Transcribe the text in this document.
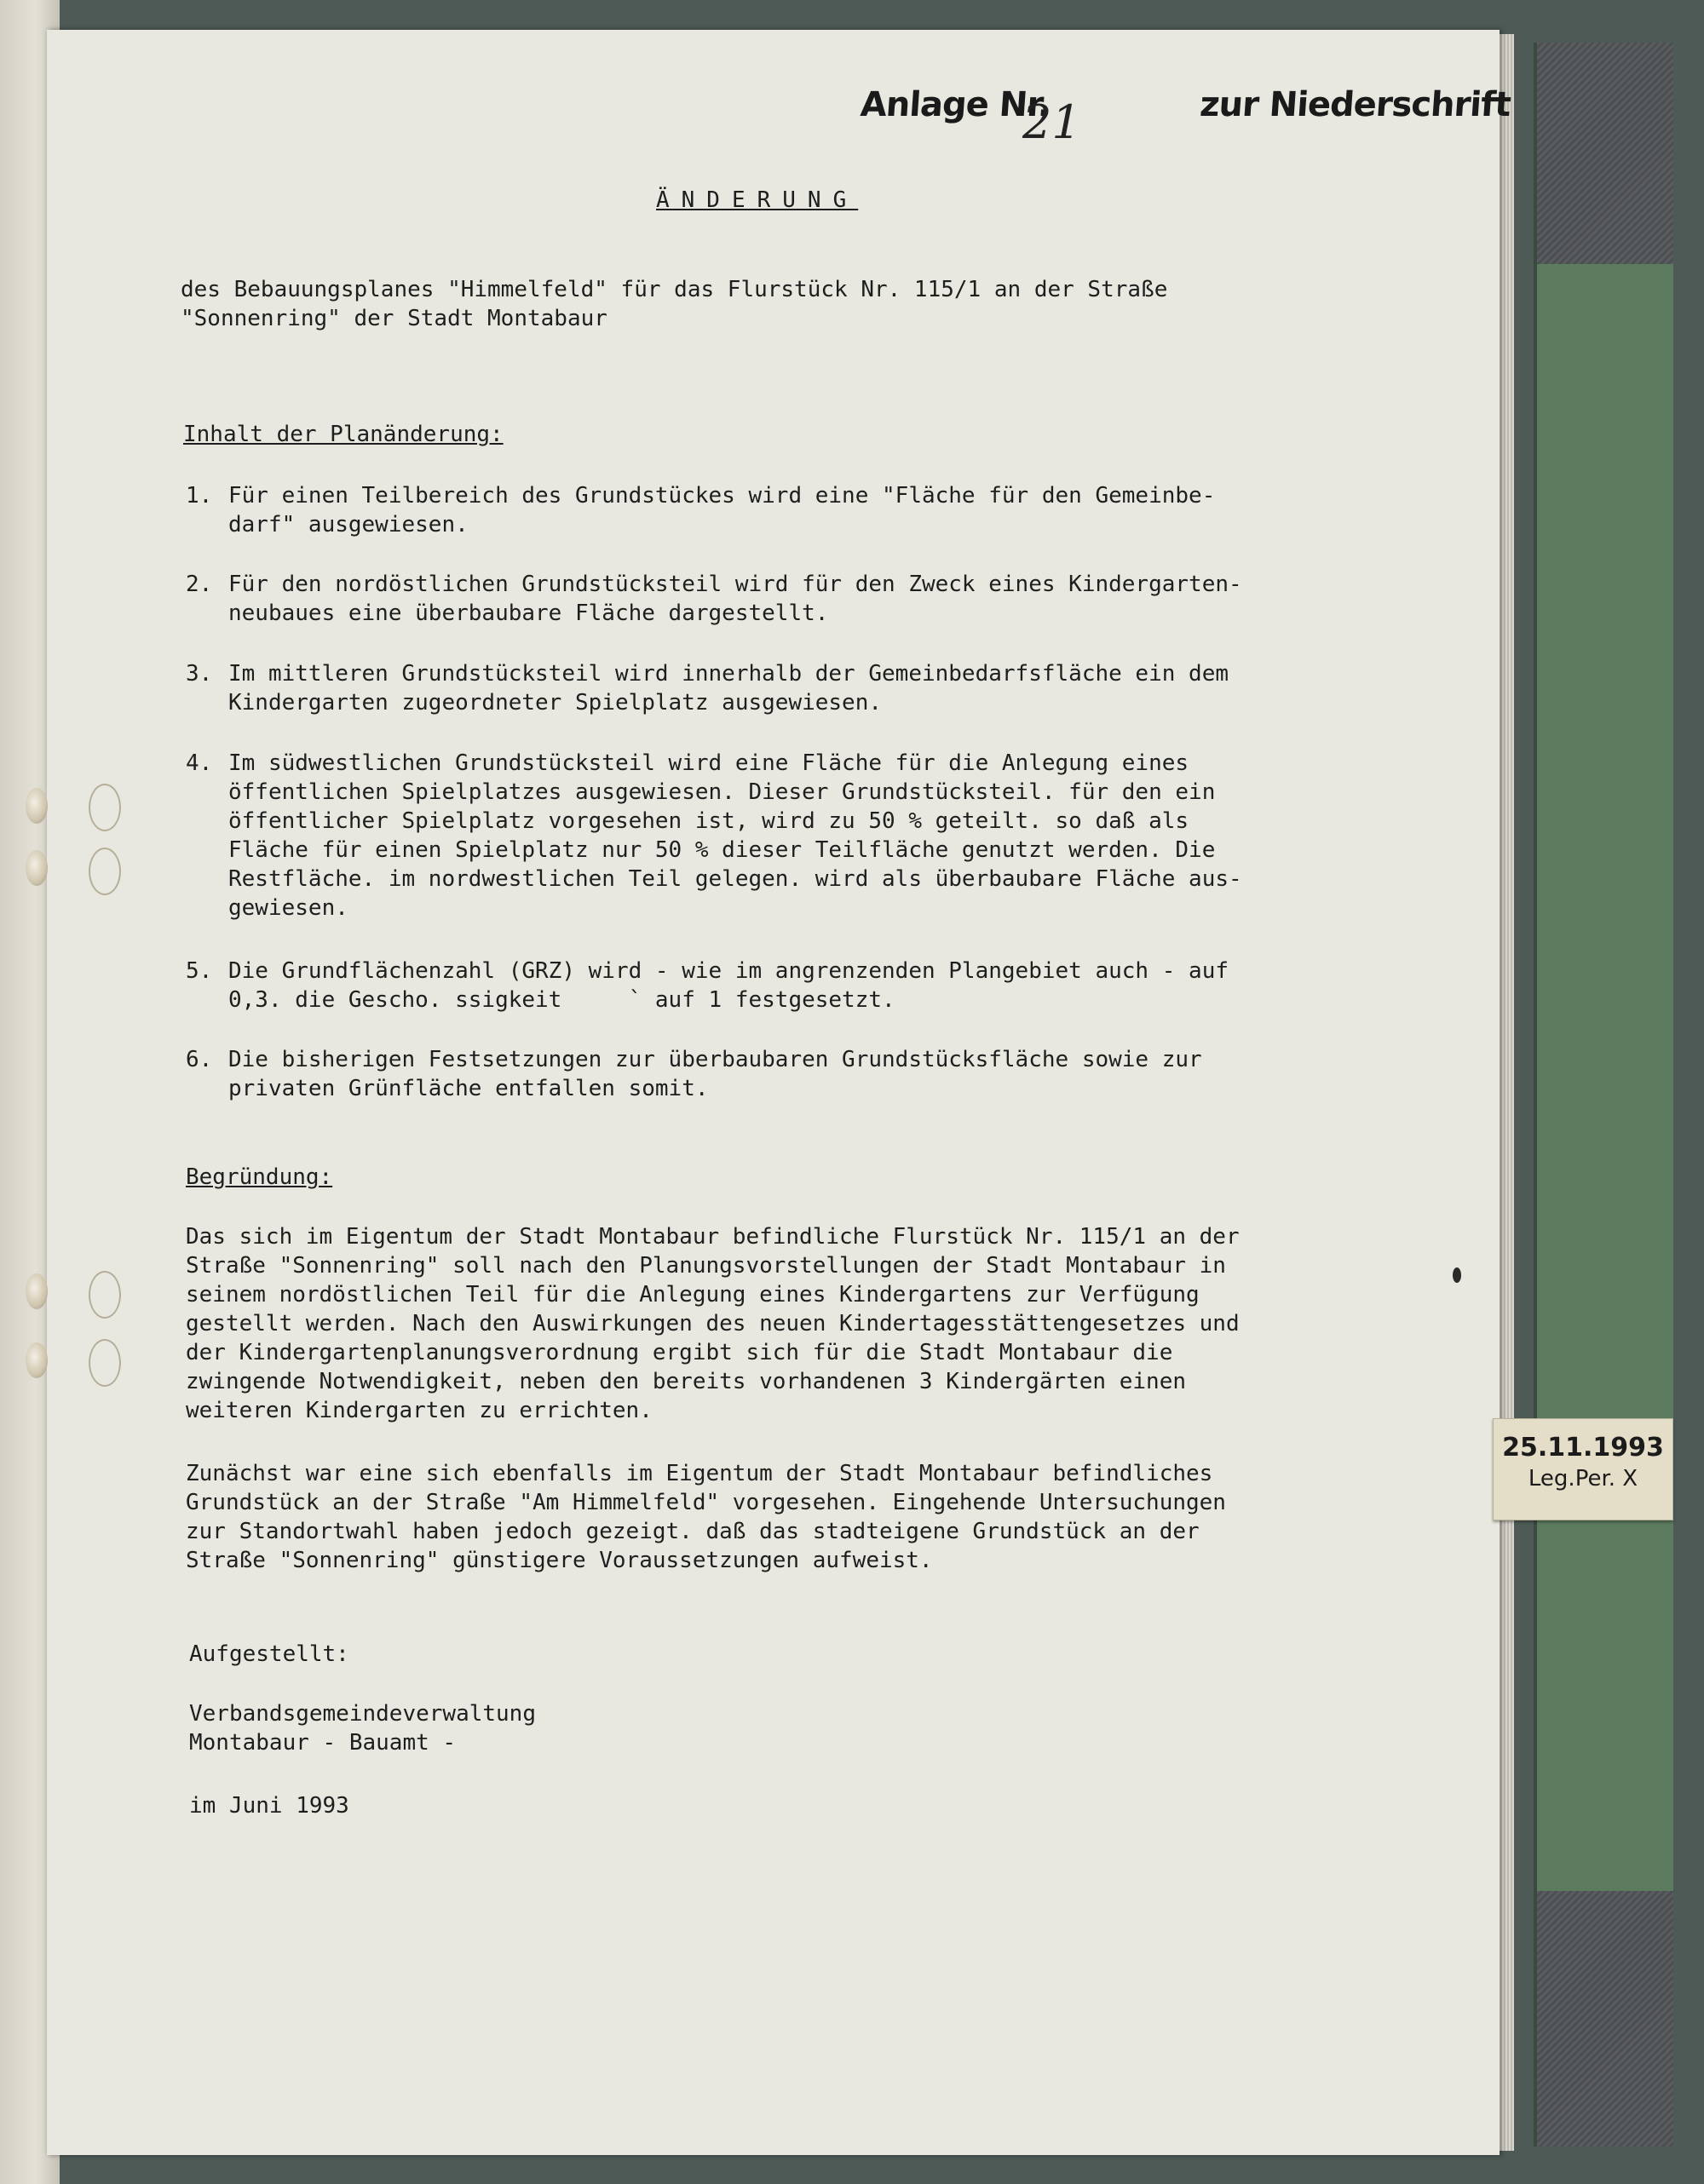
Anlage Nr.	zur Niederschrift
21
ÄNDERUNG
des Bebauungsplanes "Himmelfeld" für das Flurstück Nr. 115/1 an der Straße
"Sonnenring" der Stadt Montabaur
Inhalt der Planänderung:
1. Für einen Teilbereich des Grundstückes wird eine "Fläche für den Gemeinbe-
darf" ausgewiesen.
2. Für den nordöstlichen Grundstücksteil wird für den Zweck eines Kindergarten-
neubaues eine überbaubare Fläche dargestellt.
3. Im mittleren Grundstücksteil wird innerhalb der Gemeinbedarfsfläche ein dem
Kindergarten zugeordneter Spielplatz ausgewiesen.
4. Im südwestlichen Grundstücksteil wird eine Fläche für die Anlegung eines
öffentlichen Spielplatzes ausgewiesen. Dieser Grundstücksteil. für den ein
öffentlicher Spielplatz vorgesehen ist, wird zu 50 % geteilt. so daß als
Fläche für einen Spielplatz nur 50 % dieser Teilfläche genutzt werden. Die
Restfläche. im nordwestlichen Teil gelegen. wird als überbaubare Fläche aus-
gewiesen.
5. Die Grundflächenzahl (GRZ) wird - wie im angrenzenden Plangebiet auch - auf
0,3. die Gescho. ssigkeit     ` auf 1 festgesetzt.
6. Die bisherigen Festsetzungen zur überbaubaren Grundstücksfläche sowie zur
privaten Grünfläche entfallen somit.
Begründung:
Das sich im Eigentum der Stadt Montabaur befindliche Flurstück Nr. 115/1 an der
Straße "Sonnenring" soll nach den Planungsvorstellungen der Stadt Montabaur in
seinem nordöstlichen Teil für die Anlegung eines Kindergartens zur Verfügung
gestellt werden. Nach den Auswirkungen des neuen Kindertagesstättengesetzes und
der Kindergartenplanungsverordnung ergibt sich für die Stadt Montabaur die
zwingende Notwendigkeit, neben den bereits vorhandenen 3 Kindergärten einen
weiteren Kindergarten zu errichten.
Zunächst war eine sich ebenfalls im Eigentum der Stadt Montabaur befindliches
Grundstück an der Straße "Am Himmelfeld" vorgesehen. Eingehende Untersuchungen
zur Standortwahl haben jedoch gezeigt. daß das stadteigene Grundstück an der
Straße "Sonnenring" günstigere Voraussetzungen aufweist.
Aufgestellt:
Verbandsgemeindeverwaltung
Montabaur - Bauamt -
im Juni 1993
25.11.1993
Leg.Per. X
